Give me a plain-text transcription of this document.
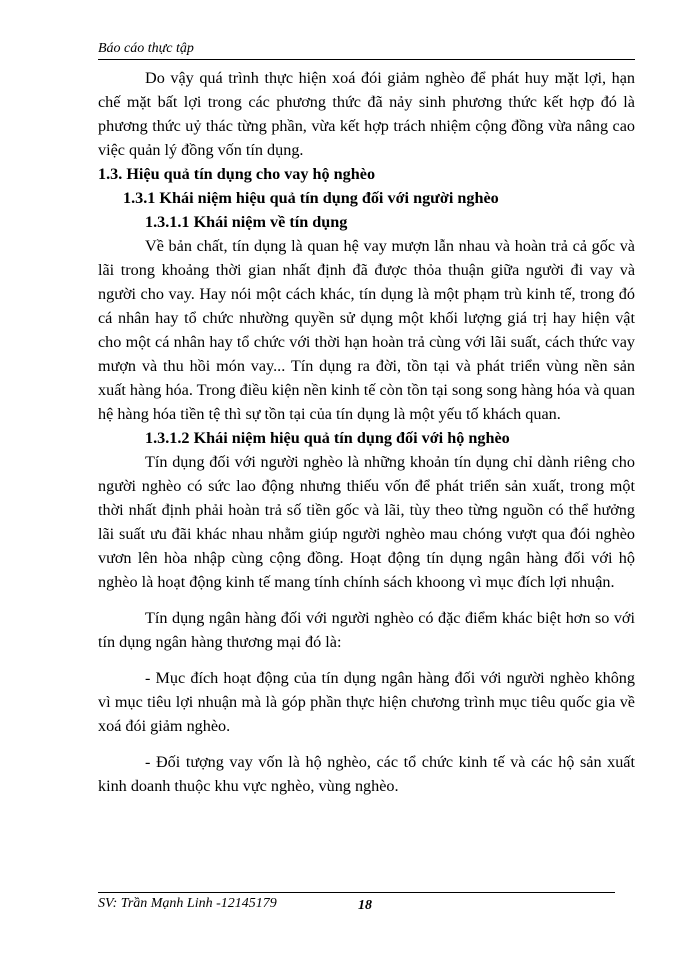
Báo cáo thực tập

Do vậy quá trình thực hiện xoá đói giảm nghèo để phát huy mặt lợi, hạn chế mặt bất lợi trong các phương thức đã nảy sinh phương thức kết hợp đó là phương thức uỷ thác từng phần, vừa kết hợp trách nhiệm cộng đồng vừa nâng cao việc quản lý đồng vốn tín dụng.

1.3. Hiệu quả tín dụng cho vay hộ nghèo

1.3.1 Khái niệm hiệu quả tín dụng đối với người nghèo

1.3.1.1 Khái niệm về tín dụng

Về bản chất, tín dụng là quan hệ vay mượn lẫn nhau và hoàn trả cả gốc và lãi trong khoảng thời gian nhất định đã được thỏa thuận giữa người đi vay và người cho vay. Hay nói một cách khác, tín dụng là một phạm trù kinh tế, trong đó cá nhân hay tổ chức nhường quyền sử dụng một khối lượng giá trị hay hiện vật cho một cá nhân hay tổ chức với thời hạn hoàn trả cùng với lãi suất, cách thức vay mượn và thu hồi món vay... Tín dụng ra đời, tồn tại và phát triển vùng nền sản xuất hàng hóa. Trong điều kiện nền kinh tế còn tồn tại song song hàng hóa và quan hệ hàng hóa tiền tệ thì sự tồn tại của tín dụng là một yếu tố khách quan.

1.3.1.2 Khái niệm hiệu quả tín dụng đối với hộ nghèo

Tín dụng đối với người nghèo là những khoản tín dụng chỉ dành riêng cho người nghèo có sức lao động nhưng thiếu vốn để phát triển sản xuất, trong một thời nhất định phải hoàn trả số tiền gốc và lãi, tùy theo từng nguồn có thể hưởng lãi suất ưu đãi khác nhau nhằm giúp người nghèo mau chóng vượt qua đói nghèo vươn lên hòa nhập cùng cộng đồng. Hoạt động tín dụng ngân hàng đối với hộ nghèo là hoạt động kinh tế mang tính chính sách khoong vì mục đích lợi nhuận.

Tín dụng ngân hàng đối với người nghèo có đặc điểm khác biệt hơn so với tín dụng ngân hàng thương mại đó là:

- Mục đích hoạt động của tín dụng ngân hàng đối với người nghèo không vì mục tiêu lợi nhuận mà là góp phần thực hiện chương trình mục tiêu quốc gia về xoá đói giảm nghèo.

- Đối tượng vay vốn là hộ nghèo, các tổ chức kinh tế và các hộ sản xuất kinh doanh thuộc khu vực nghèo, vùng nghèo.

SV: Trần Mạnh Linh -12145179	18
